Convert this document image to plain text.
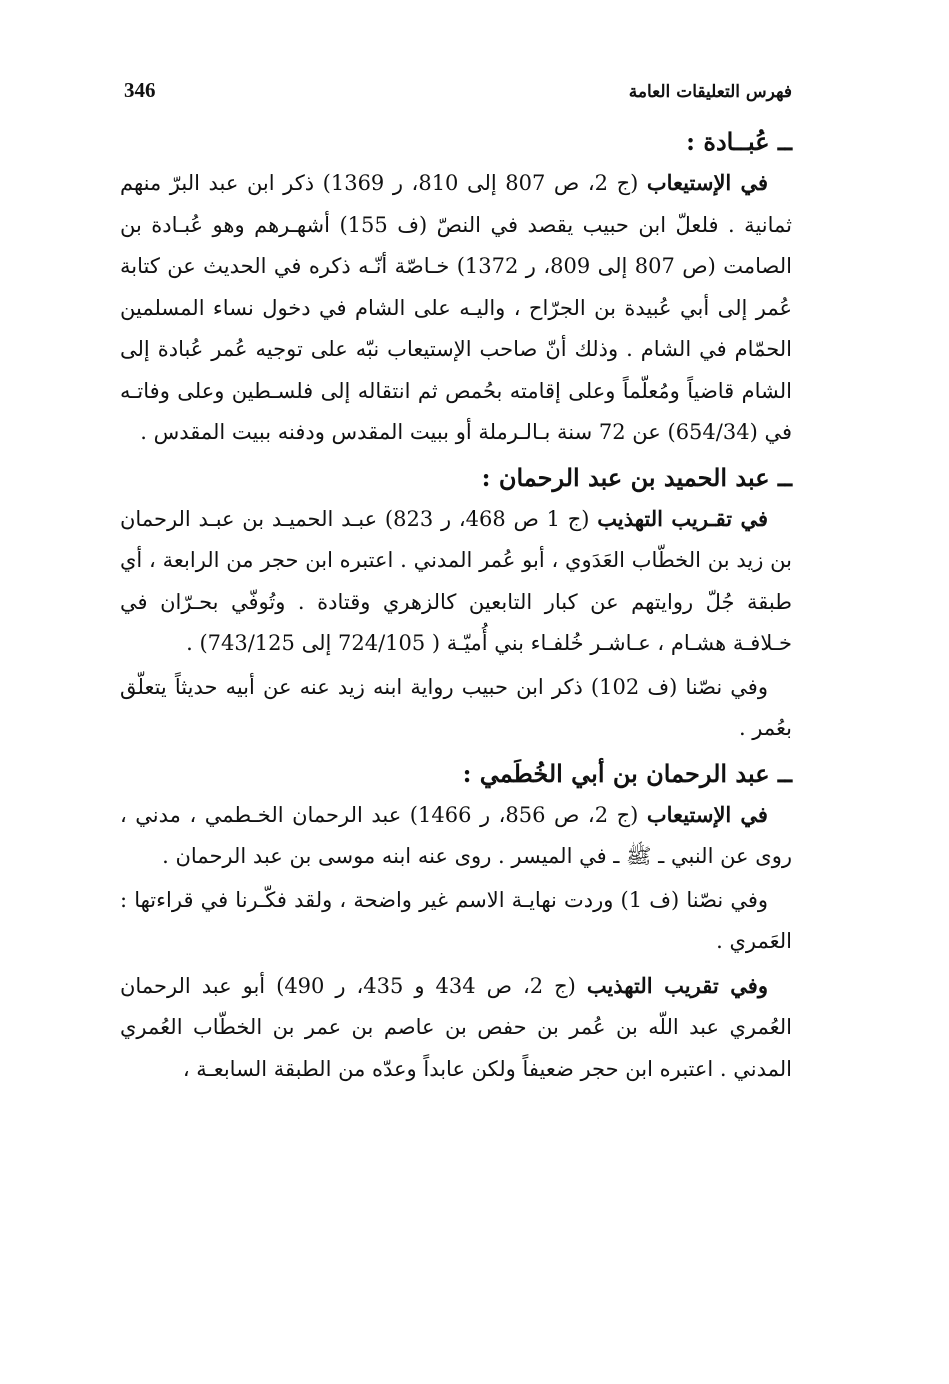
فهرس التعليقات العامة
346
ــ عُبــادة :

في الإستيعاب (ج 2، ص 807 إلى 810، ر 1369) ذكر ابن عبد البرّ منهم ثمانية . فلعلّ ابن حبيب يقصد في النصّ (ف 155) أشهـرهم وهو عُبـادة بن الصامت (ص 807 إلى 809، ر 1372) خـاصّة أنّـه ذكره في الحديث عن كتابة عُمر إلى أبي عُبيدة بن الجرّاح ، واليـه على الشام في دخول نساء المسلمين الحمّام في الشام . وذلك أنّ صاحب الإستيعاب نبّه على توجيه عُمر عُبادة إلى الشام قاضياً ومُعلّماً وعلى إقامته بحُمص ثم انتقاله إلى فلسـطين وعلى وفاتـه في (654/34) عن 72 سنة بـالـرملة أو ببيت المقدس ودفنه ببيت المقدس .

ــ عبد الحميد بن عبد الرحمان :

في تقـريب التهذيب (ج 1 ص 468، ر 823) عبـد الحميـد بن عبـد الرحمان بن زيد بن الخطّاب العَدَوي ، أبو عُمر المدني . اعتبره ابن حجر من الرابعة ، أي طبقة جُلّ روايتهم عن كبار التابعين كالزهري وقتادة . وتُوفّي بحـرّان في خـلافـة هشـام ، عـاشـر خُلفـاء بني أُميّـة ( 724/105 إلى 743/125) .

وفي نصّنا (ف 102) ذكر ابن حبيب رواية ابنه زيد عنه عن أبيه حديثاً يتعلّق بعُمر .

ــ عبد الرحمان بن أبي الخُطَمي :

في الإستيعاب (ج 2، ص 856، ر 1466) عبد الرحمان الخـطمي ، مدني ، روى عن النبي ـ ﷺ ـ في الميسر . روى عنه ابنه موسى بن عبد الرحمان .

وفي نصّنا (ف 1) وردت نهايـة الاسم غير واضحة ، ولقد فكّـرنا في قراءتها : العَمري .

وفي تقريب التهذيب (ج 2، ص 434 و 435، ر 490) أبو عبد الرحمان العُمري عبد اللّه بن عُمر بن حفص بن عاصم بن عمر بن الخطّاب العُمري المدني . اعتبره ابن حجر ضعيفاً ولكن عابداً وعدّه من الطبقة السابعـة ،
